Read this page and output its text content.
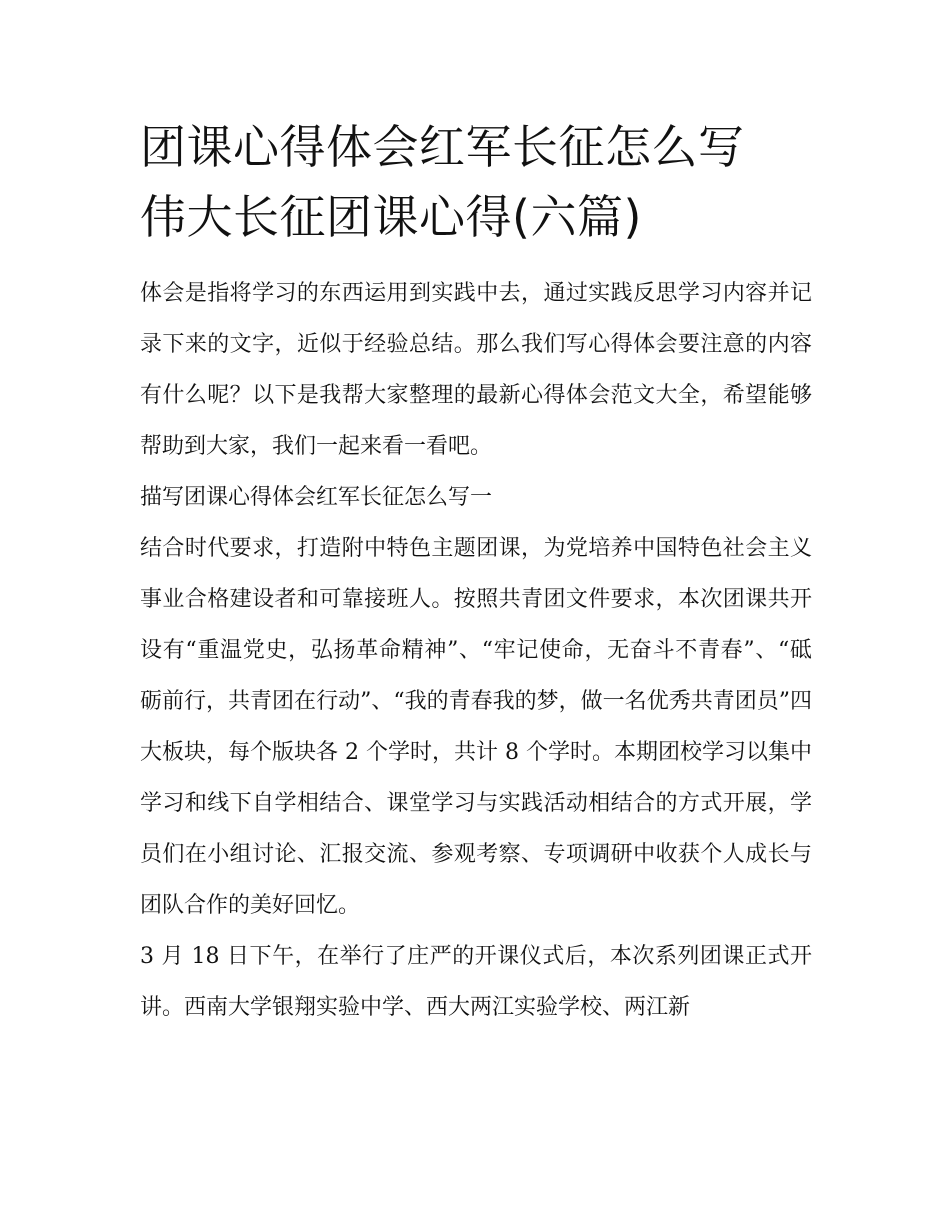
团课心得体会红军长征怎么写
伟大长征团课心得(六篇)

体会是指将学习的东西运用到实践中去，通过实践反思学习内容并记录下来的文字，近似于经验总结。那么我们写心得体会要注意的内容有什么呢？以下是我帮大家整理的最新心得体会范文大全，希望能够帮助到大家，我们一起来看一看吧。

描写团课心得体会红军长征怎么写一

结合时代要求，打造附中特色主题团课，为党培养中国特色社会主义事业合格建设者和可靠接班人。按照共青团文件要求，本次团课共开设有“重温党史，弘扬革命精神”、“牢记使命，无奋斗不青春”、“砥砺前行，共青团在行动”、“我的青春我的梦，做一名优秀共青团员”四大板块，每个版块各 2 个学时，共计 8 个学时。本期团校学习以集中学习和线下自学相结合、课堂学习与实践活动相结合的方式开展，学员们在小组讨论、汇报交流、参观考察、专项调研中收获个人成长与团队合作的美好回忆。

3 月 18 日下午，在举行了庄严的开课仪式后，本次系列团课正式开讲。西南大学银翔实验中学、西大两江实验学校、两江新
